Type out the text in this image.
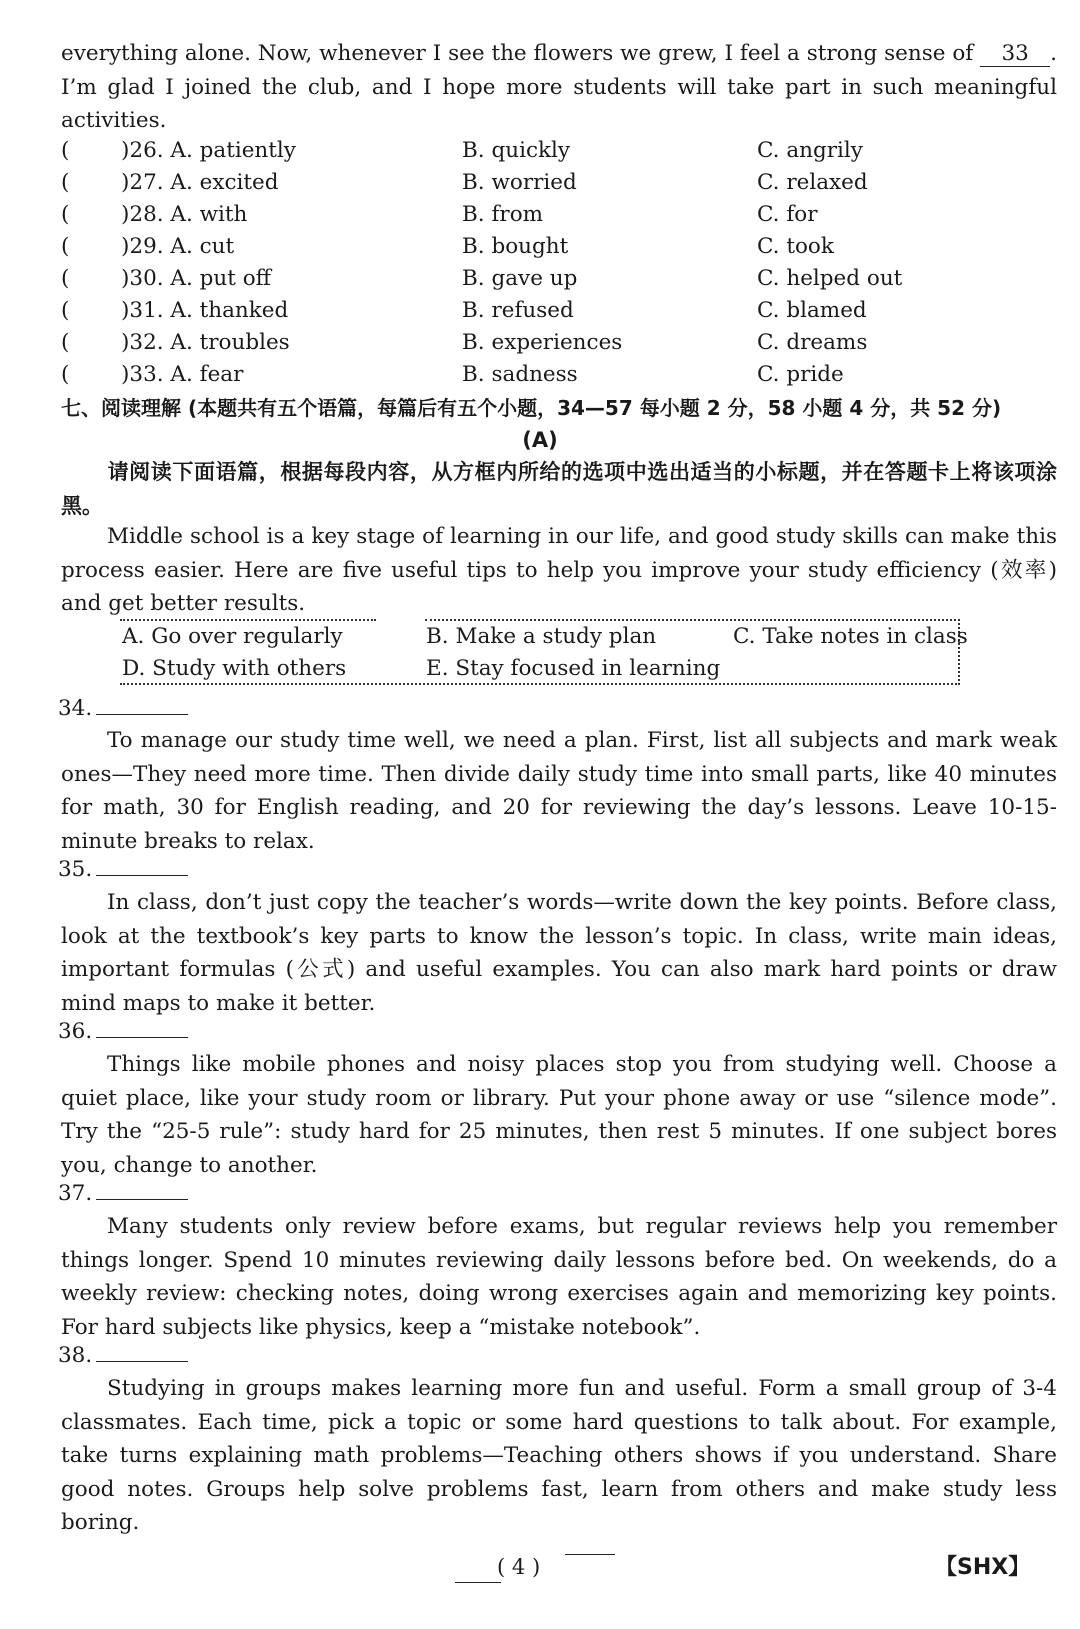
everything alone. Now, whenever I see the flowers we grew, I feel a strong sense of 33 . I’m glad I joined the club, and I hope more students will take part in such meaningful activities.
( )26. A. patiently	B. quickly	C. angrily
( )27. A. excited	B. worried	C. relaxed
( )28. A. with	B. from	C. for
( )29. A. cut	B. bought	C. took
( )30. A. put off	B. gave up	C. helped out
( )31. A. thanked	B. refused	C. blamed
( )32. A. troubles	B. experiences	C. dreams
( )33. A. fear	B. sadness	C. pride
七、阅读理解 (本题共有五个语篇，每篇后有五个小题，34—57 每小题 2 分，58 小题 4 分，共 52 分)
(A)
请阅读下面语篇，根据每段内容，从方框内所给的选项中选出适当的小标题，并在答题卡上将该项涂黑。
Middle school is a key stage of learning in our life, and good study skills can make this process easier. Here are five useful tips to help you improve your study efficiency (效率) and get better results.
A. Go over regularly	B. Make a study plan	C. Take notes in class
D. Study with others	E. Stay focused in learning
34.
To manage our study time well, we need a plan. First, list all subjects and mark weak ones—They need more time. Then divide daily study time into small parts, like 40 minutes for math, 30 for English reading, and 20 for reviewing the day’s lessons. Leave 10-15-minute breaks to relax.
35.
In class, don’t just copy the teacher’s words—write down the key points. Before class, look at the textbook’s key parts to know the lesson’s topic. In class, write main ideas, important formulas (公式) and useful examples. You can also mark hard points or draw mind maps to make it better.
36.
Things like mobile phones and noisy places stop you from studying well. Choose a quiet place, like your study room or library. Put your phone away or use “silence mode”. Try the “25-5 rule”: study hard for 25 minutes, then rest 5 minutes. If one subject bores you, change to another.
37.
Many students only review before exams, but regular reviews help you remember things longer. Spend 10 minutes reviewing daily lessons before bed. On weekends, do a weekly review: checking notes, doing wrong exercises again and memorizing key points. For hard subjects like physics, keep a “mistake notebook”.
38.
Studying in groups makes learning more fun and useful. Form a small group of 3-4 classmates. Each time, pick a topic or some hard questions to talk about. For example, take turns explaining math problems—Teaching others shows if you understand. Share good notes. Groups help solve problems fast, learn from others and make study less boring.
( 4 )	【SHX】
